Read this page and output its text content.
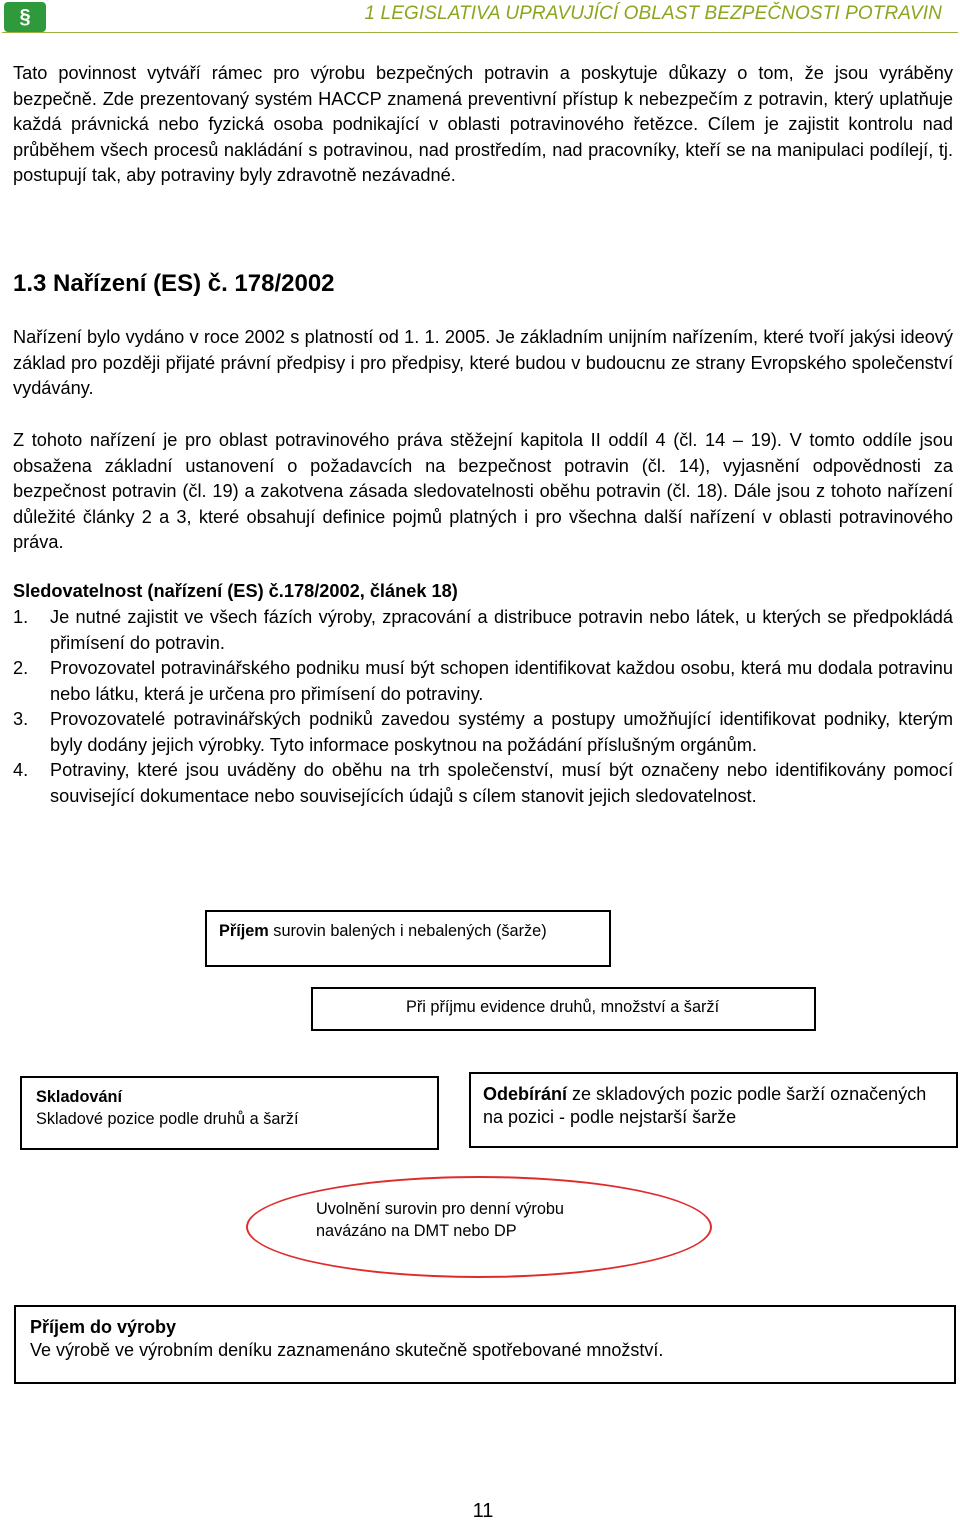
§	1 LEGISLATIVA UPRAVUJÍCÍ OBLAST BEZPEČNOSTI POTRAVIN
Tato povinnost vytváří rámec pro výrobu bezpečných potravin a poskytuje důkazy o tom, že jsou vyráběny bezpečně. Zde prezentovaný systém HACCP znamená preventivní přístup k nebezpečím z potravin, který uplatňuje každá právnická nebo fyzická osoba podnikající v oblasti potravinového řetězce. Cílem je zajistit kontrolu nad průběhem všech procesů nakládání s potravinou, nad prostředím, nad pracovníky, kteří se na manipulaci podílejí, tj. postupují tak, aby potraviny byly zdravotně nezávadné.
1.3 Nařízení (ES) č. 178/2002
Nařízení bylo vydáno v roce 2002 s platností od 1. 1. 2005. Je základním unijním nařízením, které tvoří jakýsi ideový základ pro později přijaté právní předpisy i pro předpisy, které budou v budoucnu ze strany Evropského společenství vydávány.
Z tohoto nařízení je pro oblast potravinového práva stěžejní kapitola II oddíl 4 (čl. 14 – 19). V tomto oddíle jsou obsažena základní ustanovení o požadavcích na bezpečnost potravin (čl. 14), vyjasnění odpovědnosti za bezpečnost potravin (čl. 19) a zakotvena zásada sledovatelnosti oběhu potravin (čl. 18). Dále jsou z tohoto nařízení důležité články 2 a 3, které obsahují definice pojmů platných i pro všechna další nařízení v oblasti potravinového práva.
Sledovatelnost (nařízení (ES) č.178/2002, článek 18)
1.	Je nutné zajistit ve všech fázích výroby, zpracování a distribuce potravin nebo látek, u kterých se předpokládá přimísení do potravin.
2.	Provozovatel potravinářského podniku musí být schopen identifikovat každou osobu, která mu dodala potravinu nebo látku, která je určena pro přimísení do potraviny.
3.	Provozovatelé potravinářských podniků zavedou systémy a postupy umožňující identifikovat podniky, kterým byly dodány jejich výrobky. Tyto informace poskytnou na požádání příslušným orgánům.
4.	Potraviny, které jsou uváděny do oběhu na trh společenství, musí být označeny nebo identifikovány pomocí související dokumentace nebo souvisejících údajů s cílem stanovit jejich sledovatelnost.
Příjem surovin balených i nebalených (šarže)
Při příjmu evidence druhů, množství a šarží
Skladování
Skladové pozice podle druhů a šarží
Odebírání ze skladových pozic podle šarží označených na pozici - podle nejstarší šarže
Uvolnění surovin pro denní výrobu
navázáno na DMT nebo DP
Příjem do výroby
Ve výrobě ve výrobním deníku zaznamenáno skutečně spotřebované množství.
11
